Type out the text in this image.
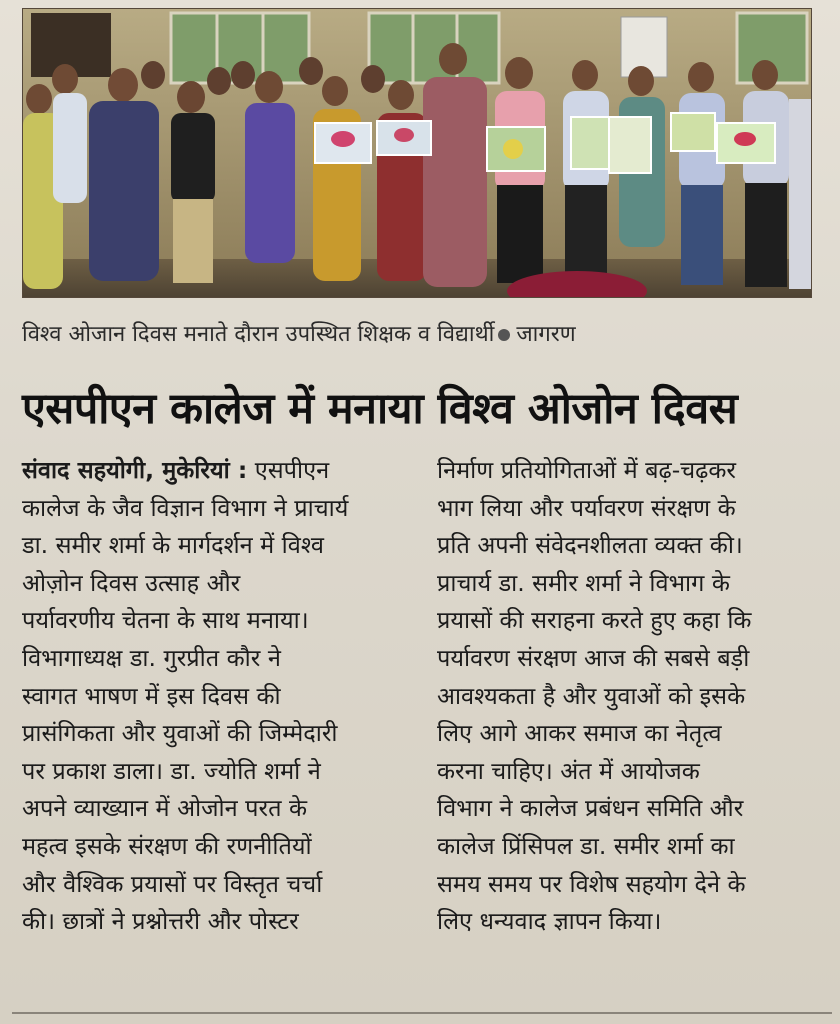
विश्व ओजान दिवस मनाते दौरान उपस्थित शिक्षक व विद्यार्थी जागरण
एसपीएन कालेज में मनाया विश्व ओजोन दिवस
संवाद सहयोगी, मुकेरियां : एसपीएन
कालेज के जैव विज्ञान विभाग ने प्राचार्य
डा. समीर शर्मा के मार्गदर्शन में विश्व
ओज़ोन दिवस उत्साह और
पर्यावरणीय चेतना के साथ मनाया।
विभागाध्यक्ष डा. गुरप्रीत कौर ने
स्वागत भाषण में इस दिवस की
प्रासंगिकता और युवाओं की जिम्मेदारी
पर प्रकाश डाला। डा. ज्योति शर्मा ने
अपने व्याख्यान में ओजोन परत के
महत्व इसके संरक्षण की रणनीतियों
और वैश्विक प्रयासों पर विस्तृत चर्चा
की। छात्रों ने प्रश्नोत्तरी और पोस्टर
निर्माण प्रतियोगिताओं में बढ़-चढ़कर
भाग लिया और पर्यावरण संरक्षण के
प्रति अपनी संवेदनशीलता व्यक्त की।
प्राचार्य डा. समीर शर्मा ने विभाग के
प्रयासों की सराहना करते हुए कहा कि
पर्यावरण संरक्षण आज की सबसे बड़ी
आवश्यकता है और युवाओं को इसके
लिए आगे आकर समाज का नेतृत्व
करना चाहिए। अंत में आयोजक
विभाग ने कालेज प्रबंधन समिति और
कालेज प्रिंसिपल डा. समीर शर्मा का
समय समय पर विशेष सहयोग देने के
लिए धन्यवाद ज्ञापन किया।
